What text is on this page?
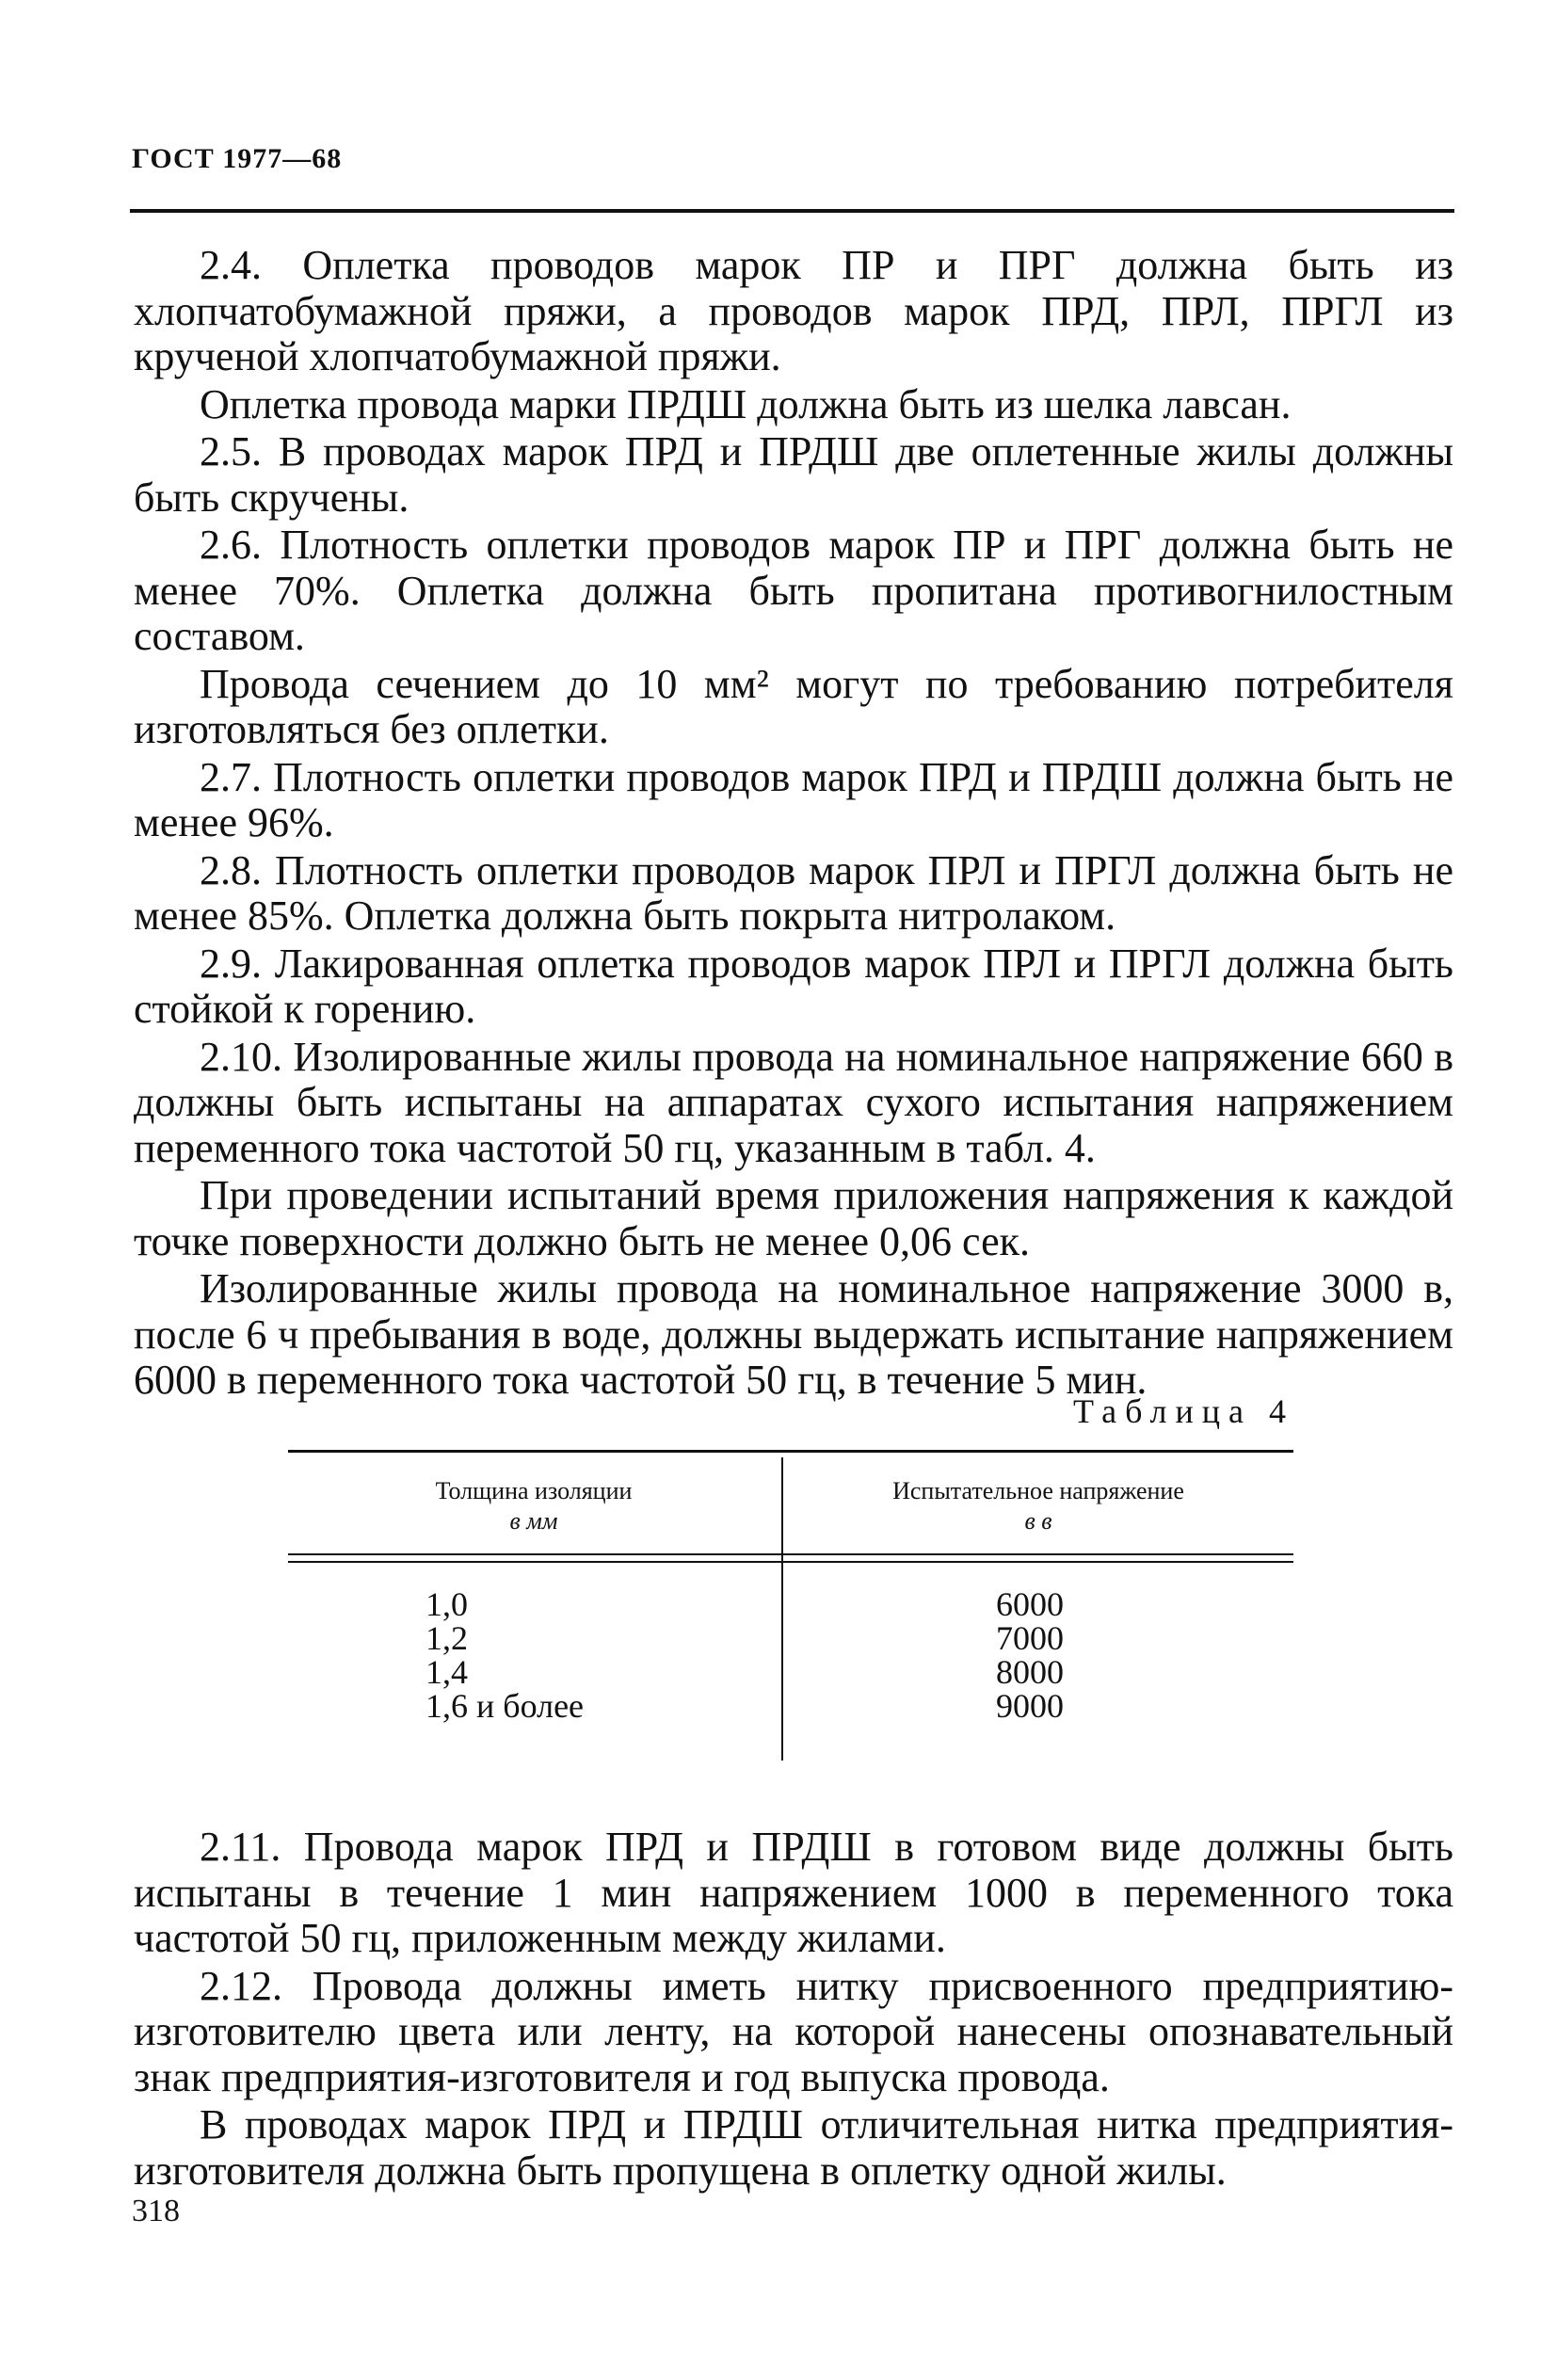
ГОСТ 1977—68

2.4. Оплетка проводов марок ПР и ПРГ должна быть из хлопчатобумажной пряжи, а проводов марок ПРД, ПРЛ, ПРГЛ из крученой хлопчатобумажной пряжи.

Оплетка провода марки ПРДШ должна быть из шелка лавсан.

2.5. В проводах марок ПРД и ПРДШ две оплетенные жилы должны быть скручены.

2.6. Плотность оплетки проводов марок ПР и ПРГ должна быть не менее 70%. Оплетка должна быть пропитана противогнилостным составом.

Провода сечением до 10 мм² могут по требованию потребителя изготовляться без оплетки.

2.7. Плотность оплетки проводов марок ПРД и ПРДШ должна быть не менее 96%.

2.8. Плотность оплетки проводов марок ПРЛ и ПРГЛ должна быть не менее 85%. Оплетка должна быть покрыта нитролаком.

2.9. Лакированная оплетка проводов марок ПРЛ и ПРГЛ должна быть стойкой к горению.

2.10. Изолированные жилы провода на номинальное напряжение 660 в должны быть испытаны на аппаратах сухого испытания напряжением переменного тока частотой 50 гц, указанным в табл. 4.

При проведении испытаний время приложения напряжения к каждой точке поверхности должно быть не менее 0,06 сек.

Изолированные жилы провода на номинальное напряжение 3000 в, после 6 ч пребывания в воде, должны выдержать испытание напряжением 6000 в переменного тока частотой 50 гц, в течение 5 мин.

Таблица 4
Толщина изоляции
в мм
Испытательное напряжение
в в
1,0
1,2
1,4
1,6 и более
6000
7000
8000
9000

2.11. Провода марок ПРД и ПРДШ в готовом виде должны быть испытаны в течение 1 мин напряжением 1000 в переменного тока частотой 50 гц, приложенным между жилами.

2.12. Провода должны иметь нитку присвоенного предприятию-изготовителю цвета или ленту, на которой нанесены опознавательный знак предприятия-изготовителя и год выпуска провода.

В проводах марок ПРД и ПРДШ отличительная нитка предприятия-изготовителя должна быть пропущена в оплетку одной жилы.

318
